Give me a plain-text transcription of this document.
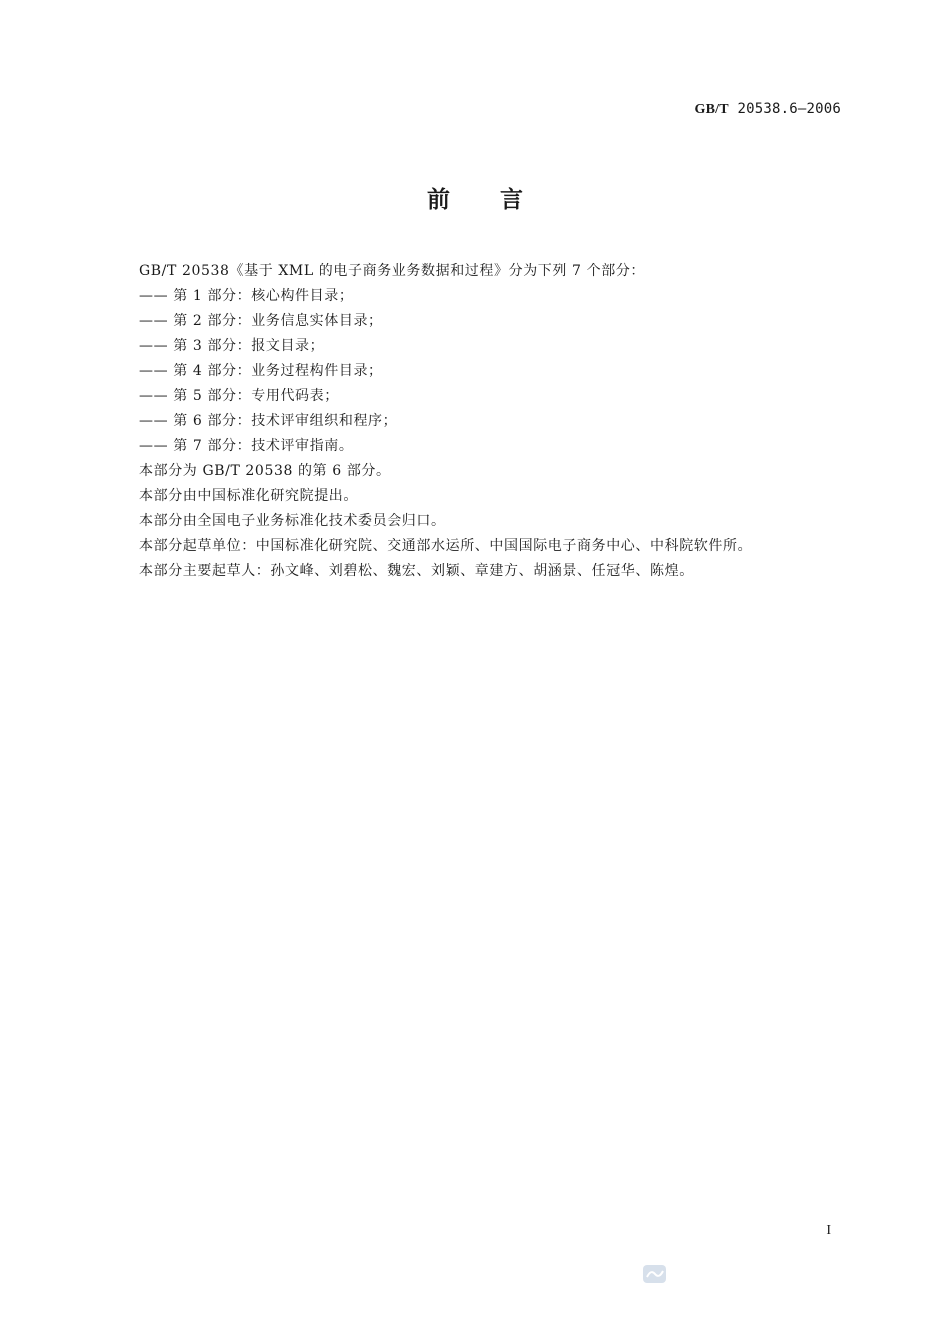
GB/T 20538.6—2006
前言
GB/T 20538《基于 XML 的电子商务业务数据和过程》分为下列 7 个部分：
—— 第 1 部分：核心构件目录；
—— 第 2 部分：业务信息实体目录；
—— 第 3 部分：报文目录；
—— 第 4 部分：业务过程构件目录；
—— 第 5 部分：专用代码表；
—— 第 6 部分：技术评审组织和程序；
—— 第 7 部分：技术评审指南。
本部分为 GB/T 20538 的第 6 部分。
本部分由中国标准化研究院提出。
本部分由全国电子业务标准化技术委员会归口。
本部分起草单位：中国标准化研究院、交通部水运所、中国国际电子商务中心、中科院软件所。
本部分主要起草人：孙文峰、刘碧松、魏宏、刘颖、章建方、胡涵景、任冠华、陈煌。
I
